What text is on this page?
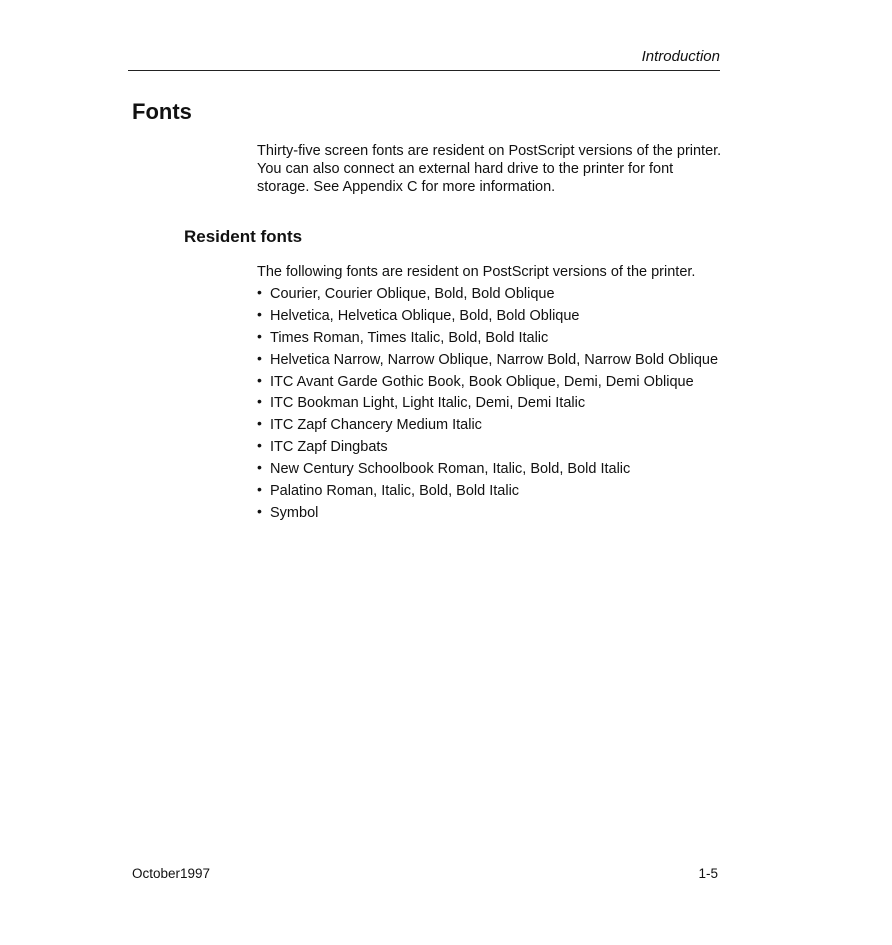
Introduction
Fonts

Thirty-five screen fonts are resident on PostScript versions of the printer. You can also connect an external hard drive to the printer for font storage. See Appendix C for more information.

Resident fonts

The following fonts are resident on PostScript versions of the printer.

• Courier, Courier Oblique, Bold, Bold Oblique
• Helvetica, Helvetica Oblique, Bold, Bold Oblique
• Times Roman, Times Italic, Bold, Bold Italic
• Helvetica Narrow, Narrow Oblique, Narrow Bold, Narrow Bold Oblique
• ITC Avant Garde Gothic Book, Book Oblique, Demi, Demi Oblique
• ITC Bookman Light, Light Italic, Demi, Demi Italic
• ITC Zapf Chancery Medium Italic
• ITC Zapf Dingbats
• New Century Schoolbook Roman, Italic, Bold, Bold Italic
• Palatino Roman, Italic, Bold, Bold Italic
• Symbol
October1997	1-5
